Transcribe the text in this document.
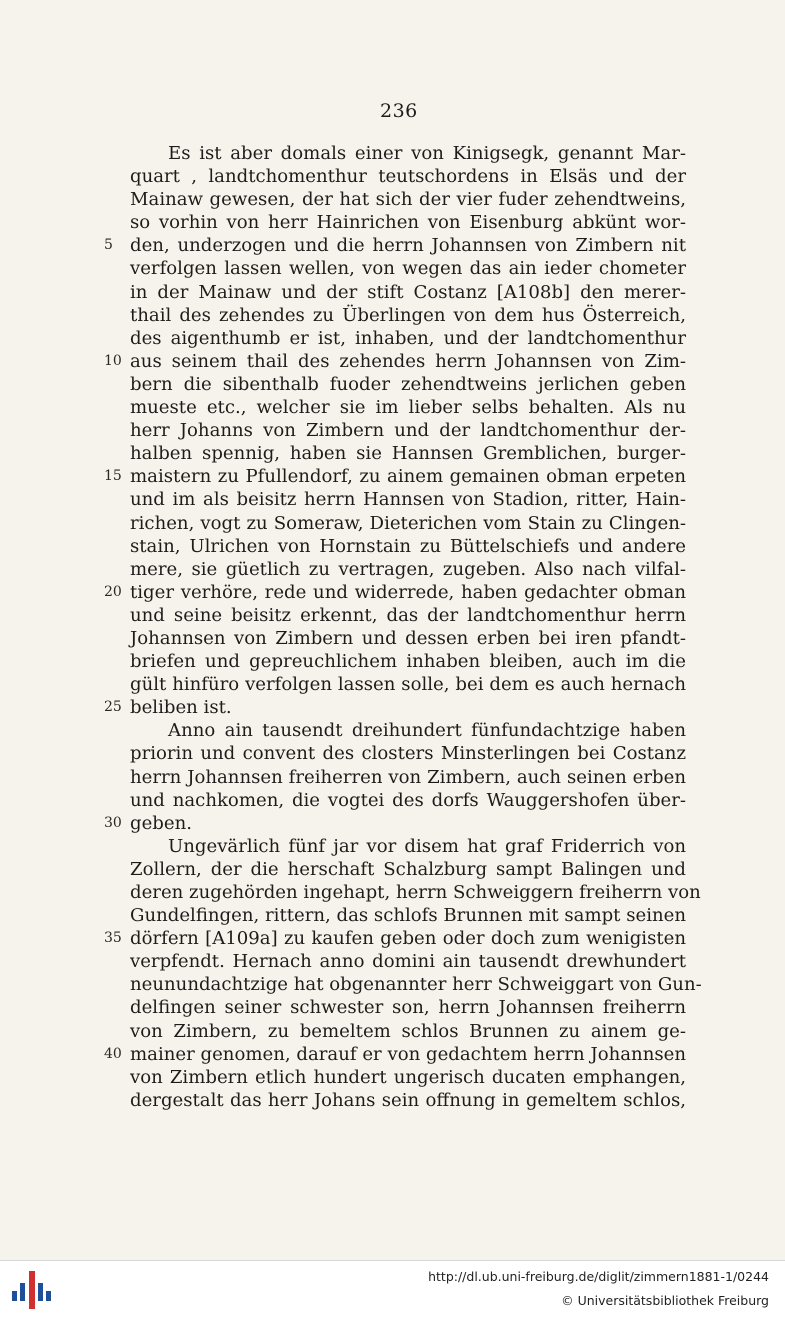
236
Es ist aber domals einer von Kinigsegk, genannt Mar-
quart , landtchomenthur teutschordens in Elsäs und der
Mainaw gewesen, der hat sich der vier fuder zehendtweins,
so vorhin von herr Hainrichen von Eisenburg abkünt wor-
5 den, underzogen und die herrn Johannsen von Zimbern nit
verfolgen lassen wellen, von wegen das ain ieder chometer
in der Mainaw und der stift Costanz [A108b] den merer-
thail des zehendes zu Überlingen von dem hus Österreich,
des aigenthumb er ist, inhaben, und der landtchomenthur
10 aus seinem thail des zehendes herrn Johannsen von Zim-
bern die sibenthalb fuoder zehendtweins jerlichen geben
mueste etc., welcher sie im lieber selbs behalten. Als nu
herr Johanns von Zimbern und der landtchomenthur der-
halben spennig, haben sie Hannsen Gremblichen, burger-
15 maistern zu Pfullendorf, zu ainem gemainen obman erpeten
und im als beisitz herrn Hannsen von Stadion, ritter, Hain-
richen, vogt zu Someraw, Dieterichen vom Stain zu Clingen-
stain, Ulrichen von Hornstain zu Büttelschiefs und andere
mere, sie güetlich zu vertragen, zugeben. Also nach vilfal-
20 tiger verhöre, rede und widerrede, haben gedachter obman
und seine beisitz erkennt, das der landtchomenthur herrn
Johannsen von Zimbern und dessen erben bei iren pfandt-
briefen und gepreuchlichem inhaben bleiben, auch im die
gült hinfüro verfolgen lassen solle, bei dem es auch hernach
25 beliben ist.
Anno ain tausendt dreihundert fünfundachtzige haben
priorin und convent des closters Minsterlingen bei Costanz
herrn Johannsen freiherren von Zimbern, auch seinen erben
und nachkomen, die vogtei des dorfs Wauggershofen über-
30 geben.
Ungevärlich fünf jar vor disem hat graf Friderrich von
Zollern, der die herschaft Schalzburg sampt Balingen und
deren zugehörden ingehapt, herrn Schweiggern freiherrn von
Gundelfingen, rittern, das schlofs Brunnen mit sampt seinen
35 dörfern [A109a] zu kaufen geben oder doch zum wenigisten
verpfendt. Hernach anno domini ain tausendt drewhundert
neunundachtzige hat obgenannter herr Schweiggart von Gun-
delfingen seiner schwester son, herrn Johannsen freiherrn
von Zimbern, zu bemeltem schlos Brunnen zu ainem ge-
40 mainer genomen, darauf er von gedachtem herrn Johannsen
von Zimbern etlich hundert ungerisch ducaten emphangen,
dergestalt das herr Johans sein offnung in gemeltem schlos,
http://dl.ub.uni-freiburg.de/diglit/zimmern1881-1/0244
© Universitätsbibliothek Freiburg
